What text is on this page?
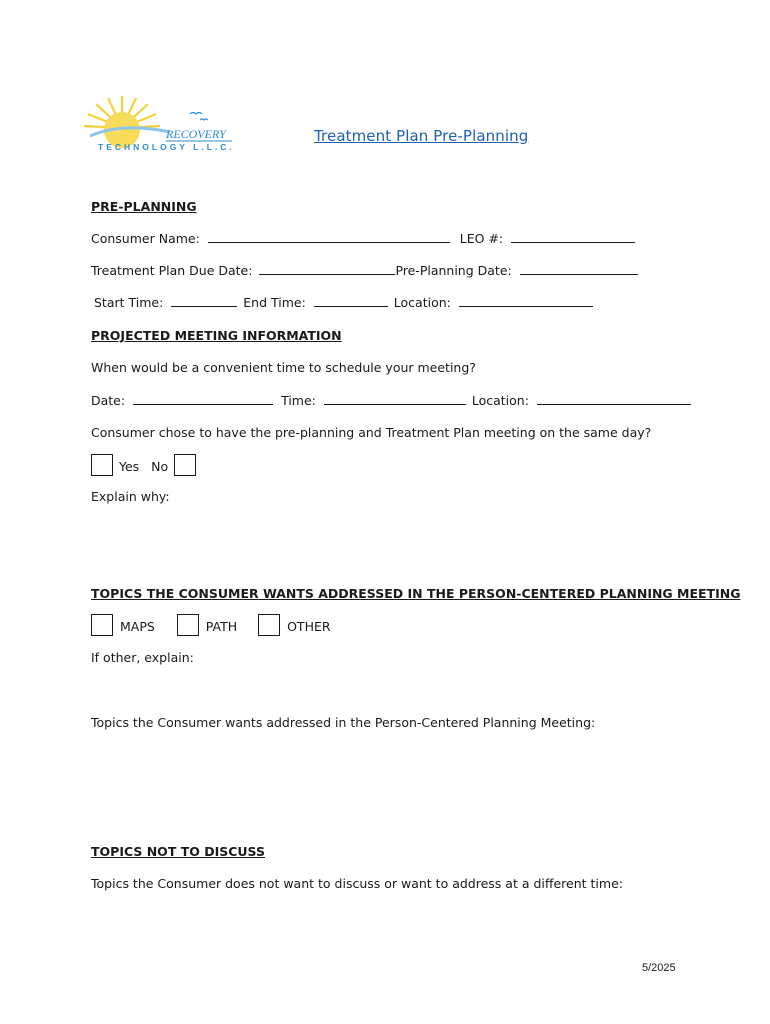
RECOVERY
TECHNOLOGY L.L.C.
Treatment Plan Pre-Planning
PRE-PLANNING
Consumer Name:	LEO #:
Treatment Plan Due Date:	Pre-Planning Date:
Start Time:	End Time:	Location:
PROJECTED MEETING INFORMATION
When would be a convenient time to schedule your meeting?
Date:	Time:	Location:
Consumer chose to have the pre-planning and Treatment Plan meeting on the same day?
Yes No
Explain why:
TOPICS THE CONSUMER WANTS ADDRESSED IN THE PERSON-CENTERED PLANNING MEETING
MAPS	PATH	OTHER
If other, explain:
Topics the Consumer wants addressed in the Person-Centered Planning Meeting:
TOPICS NOT TO DISCUSS
Topics the Consumer does not want to discuss or want to address at a different time:
5/2025
